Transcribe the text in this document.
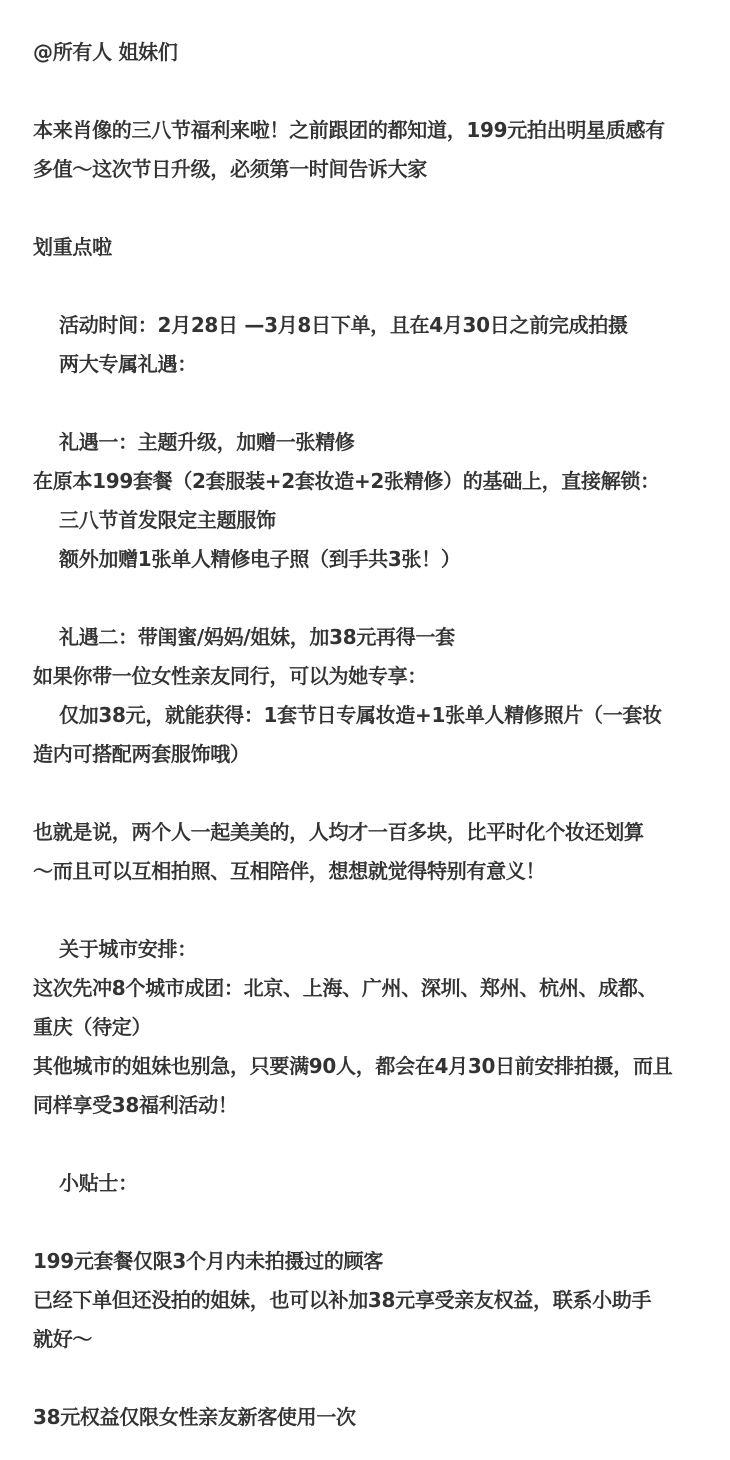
@所有人 姐妹们
本来肖像的三八节福利来啦！之前跟团的都知道，199元拍出明星质感有
多值～这次节日升级，必须第一时间告诉大家
划重点啦
活动时间：2月28日 —3月8日下单，且在4月30日之前完成拍摄
两大专属礼遇：
礼遇一：主题升级，加赠一张精修
在原本199套餐（2套服装+2套妆造+2张精修）的基础上，直接解锁：
三八节首发限定主题服饰
额外加赠1张单人精修电子照（到手共3张！）
礼遇二：带闺蜜/妈妈/姐妹，加38元再得一套
如果你带一位女性亲友同行，可以为她专享：
仅加38元，就能获得：1套节日专属妆造+1张单人精修照片（一套妆
造内可搭配两套服饰哦）
也就是说，两个人一起美美的，人均才一百多块，比平时化个妆还划算
～而且可以互相拍照、互相陪伴，想想就觉得特别有意义！
关于城市安排：
这次先冲8个城市成团：北京、上海、广州、深圳、郑州、杭州、成都、
重庆（待定）
其他城市的姐妹也别急，只要满90人，都会在4月30日前安排拍摄，而且
同样享受38福利活动！
小贴士：
199元套餐仅限3个月内未拍摄过的顾客
已经下单但还没拍的姐妹，也可以补加38元享受亲友权益，联系小助手
就好～
38元权益仅限女性亲友新客使用一次
